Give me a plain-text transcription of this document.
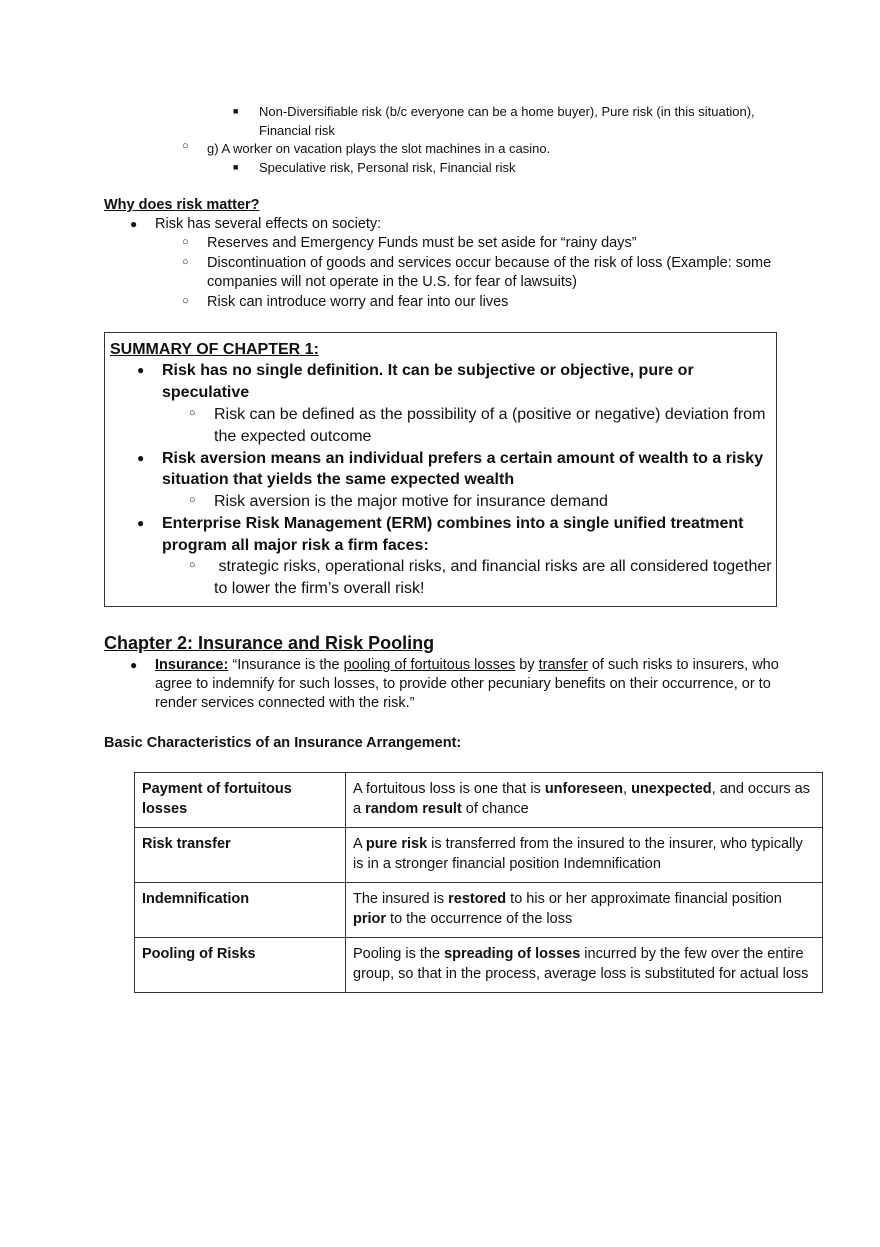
■ Non-Diversifiable risk (b/c everyone can be a home buyer), Pure risk (in this situation),
Financial risk
○ g) A worker on vacation plays the slot machines in a casino.
■ Speculative risk, Personal risk, Financial risk
Why does risk matter?
● Risk has several effects on society:
○ Reserves and Emergency Funds must be set aside for “rainy days”
○ Discontinuation of goods and services occur because of the risk of loss (Example: some
companies will not operate in the U.S. for fear of lawsuits)
○ Risk can introduce worry and fear into our lives
SUMMARY OF CHAPTER 1:
● Risk has no single definition. It can be subjective or objective, pure or
speculative
○ Risk can be defined as the possibility of a (positive or negative) deviation from
the expected outcome
● Risk aversion means an individual prefers a certain amount of wealth to a risky
situation that yields the same expected wealth
○ Risk aversion is the major motive for insurance demand
● Enterprise Risk Management (ERM) combines into a single unified treatment
program all major risk a firm faces:
○ strategic risks, operational risks, and financial risks are all considered together
to lower the firm’s overall risk!
Chapter 2: Insurance and Risk Pooling
● Insurance: “Insurance is the pooling of fortuitous losses by transfer of such risks to insurers, who
agree to indemnify for such losses, to provide other pecuniary benefits on their occurrence, or to
render services connected with the risk.”
Basic Characteristics of an Insurance Arrangement:
Payment of fortuitous
losses	A fortuitous loss is one that is unforeseen, unexpected, and occurs as
a random result of chance
Risk transfer	A pure risk is transferred from the insured to the insurer, who typically is in a stronger financial position Indemnification
Indemnification	The insured is restored to his or her approximate financial position prior to the occurrence of the loss
Pooling of Risks	Pooling is the spreading of losses incurred by the few over the entire group, so that in the process, average loss is substituted for actual loss
